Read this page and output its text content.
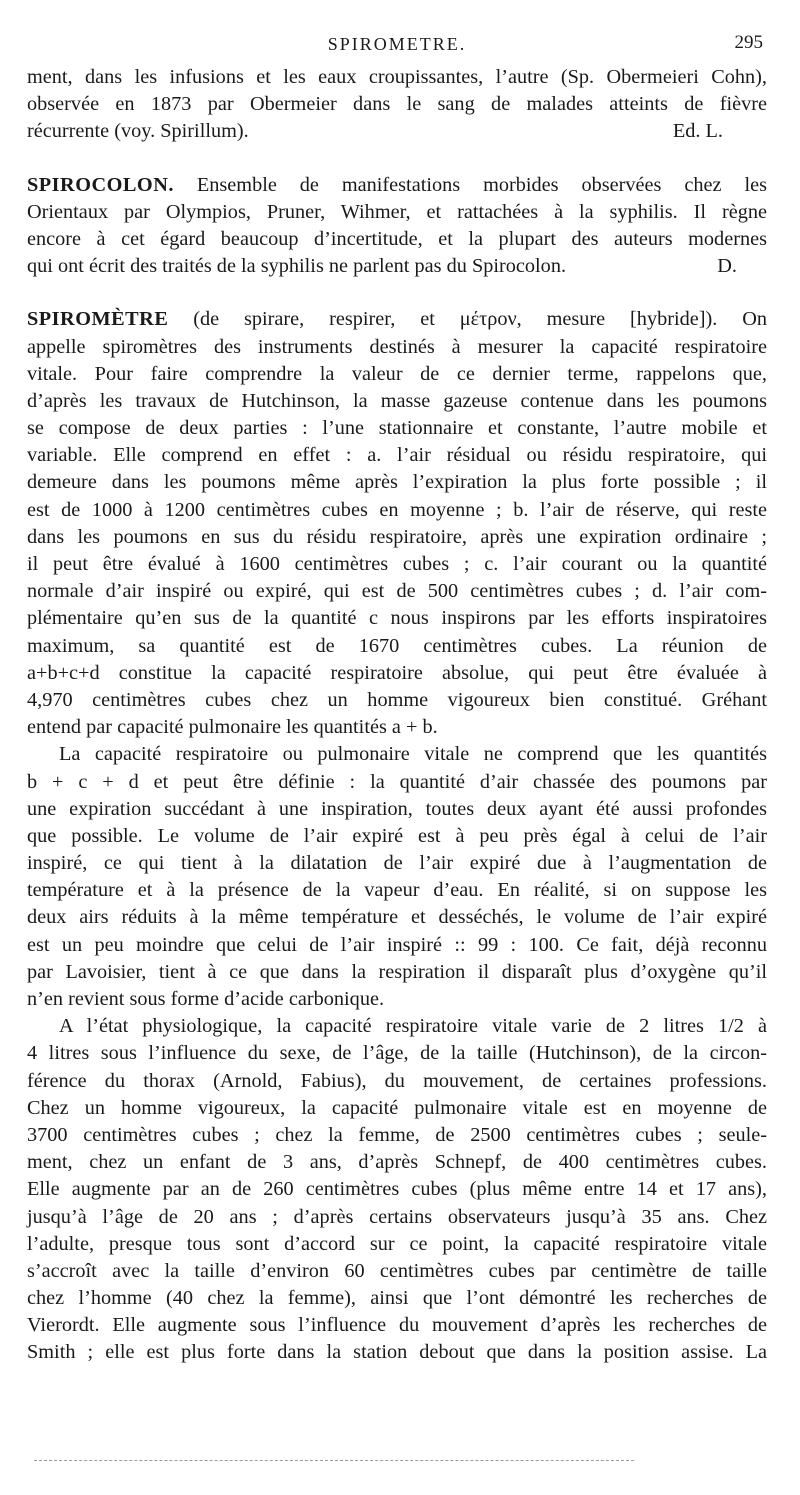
SPIROMETRE.	295
ment, dans les infusions et les eaux croupissantes, l’autre (Sp. Obermeieri Cohn),
observée en 1873 par Obermeier dans le sang de malades atteints de fièvre
récurrente (voy. Spirillum).	Ed. L.
SPIROCOLON. Ensemble de manifestations morbides observées chez les
Orientaux par Olympios, Pruner, Wihmer, et rattachées à la syphilis. Il règne
encore à cet égard beaucoup d’incertitude, et la plupart des auteurs modernes
qui ont écrit des traités de la syphilis ne parlent pas du Spirocolon.	D.
SPIROMÈTRE (de spirare, respirer, et μέτρον, mesure [hybride]). On
appelle spiromètres des instruments destinés à mesurer la capacité respiratoire
vitale. Pour faire comprendre la valeur de ce dernier terme, rappelons que,
d’après les travaux de Hutchinson, la masse gazeuse contenue dans les poumons
se compose de deux parties : l’une stationnaire et constante, l’autre mobile et
variable. Elle comprend en effet : a. l’air résidual ou résidu respiratoire, qui
demeure dans les poumons même après l’expiration la plus forte possible ; il
est de 1000 à 1200 centimètres cubes en moyenne ; b. l’air de réserve, qui reste
dans les poumons en sus du résidu respiratoire, après une expiration ordinaire ;
il peut être évalué à 1600 centimètres cubes ; c. l’air courant ou la quantité
normale d’air inspiré ou expiré, qui est de 500 centimètres cubes ; d. l’air com-
plémentaire qu’en sus de la quantité c nous inspirons par les efforts inspiratoires
maximum, sa quantité est de 1670 centimètres cubes. La réunion de
a+b+c+d constitue la capacité respiratoire absolue, qui peut être évaluée à
4,970 centimètres cubes chez un homme vigoureux bien constitué. Gréhant
entend par capacité pulmonaire les quantités a + b.
La capacité respiratoire ou pulmonaire vitale ne comprend que les quantités
b + c + d et peut être définie : la quantité d’air chassée des poumons par
une expiration succédant à une inspiration, toutes deux ayant été aussi profondes
que possible. Le volume de l’air expiré est à peu près égal à celui de l’air
inspiré, ce qui tient à la dilatation de l’air expiré due à l’augmentation de
température et à la présence de la vapeur d’eau. En réalité, si on suppose les
deux airs réduits à la même température et desséchés, le volume de l’air expiré
est un peu moindre que celui de l’air inspiré :: 99 : 100. Ce fait, déjà reconnu
par Lavoisier, tient à ce que dans la respiration il disparaît plus d’oxygène qu’il
n’en revient sous forme d’acide carbonique.
A l’état physiologique, la capacité respiratoire vitale varie de 2 litres 1/2 à
4 litres sous l’influence du sexe, de l’âge, de la taille (Hutchinson), de la circon-
férence du thorax (Arnold, Fabius), du mouvement, de certaines professions.
Chez un homme vigoureux, la capacité pulmonaire vitale est en moyenne de
3700 centimètres cubes ; chez la femme, de 2500 centimètres cubes ; seule-
ment, chez un enfant de 3 ans, d’après Schnepf, de 400 centimètres cubes.
Elle augmente par an de 260 centimètres cubes (plus même entre 14 et 17 ans),
jusqu’à l’âge de 20 ans ; d’après certains observateurs jusqu’à 35 ans. Chez
l’adulte, presque tous sont d’accord sur ce point, la capacité respiratoire vitale
s’accroît avec la taille d’environ 60 centimètres cubes par centimètre de taille
chez l’homme (40 chez la femme), ainsi que l’ont démontré les recherches de
Vierordt. Elle augmente sous l’influence du mouvement d’après les recherches de
Smith ; elle est plus forte dans la station debout que dans la position assise. La
